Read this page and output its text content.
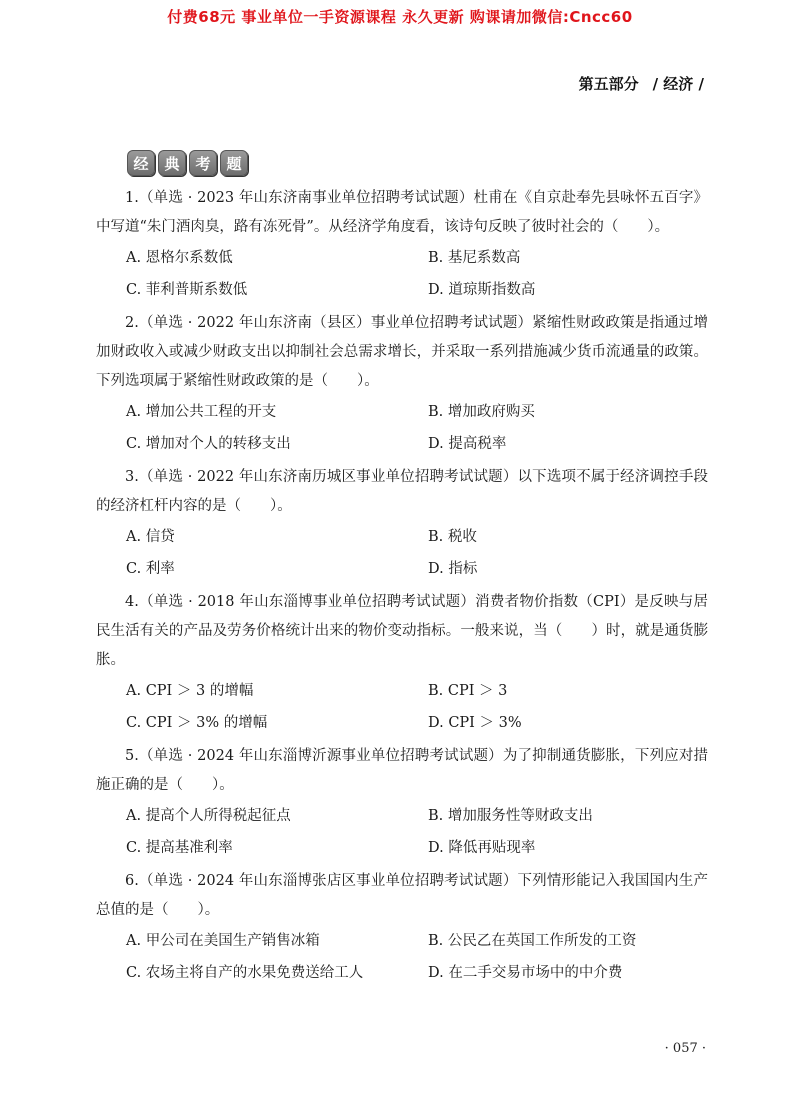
付费68元 事业单位一手资源课程 永久更新 购课请加微信:Cncc60
第五部分 / 经济 /
经	典	考	题
1.（单选 · 2023 年山东济南事业单位招聘考试试题）杜甫在《自京赴奉先县咏怀五百字》中写道“朱门酒肉臭，路有冻死骨”。从经济学角度看，该诗句反映了彼时社会的（　　）。
A. 恩格尔系数低	B. 基尼系数高
C. 菲利普斯系数低	D. 道琼斯指数高
2.（单选 · 2022 年山东济南（县区）事业单位招聘考试试题）紧缩性财政政策是指通过增加财政收入或减少财政支出以抑制社会总需求增长，并采取一系列措施减少货币流通量的政策。下列选项属于紧缩性财政政策的是（　　）。
A. 增加公共工程的开支	B. 增加政府购买
C. 增加对个人的转移支出	D. 提高税率
3.（单选 · 2022 年山东济南历城区事业单位招聘考试试题）以下选项不属于经济调控手段的经济杠杆内容的是（　　）。
A. 信贷	B. 税收
C. 利率	D. 指标
4.（单选 · 2018 年山东淄博事业单位招聘考试试题）消费者物价指数（CPI）是反映与居民生活有关的产品及劳务价格统计出来的物价变动指标。一般来说，当（　　）时，就是通货膨胀。
A. CPI ＞ 3 的增幅	B. CPI ＞ 3
C. CPI ＞ 3% 的增幅	D. CPI ＞ 3%
5.（单选 · 2024 年山东淄博沂源事业单位招聘考试试题）为了抑制通货膨胀，下列应对措施正确的是（　　）。
A. 提高个人所得税起征点	B. 增加服务性等财政支出
C. 提高基准利率	D. 降低再贴现率
6.（单选 · 2024 年山东淄博张店区事业单位招聘考试试题）下列情形能记入我国国内生产总值的是（　　）。
A. 甲公司在美国生产销售冰箱	B. 公民乙在英国工作所发的工资
C. 农场主将自产的水果免费送给工人	D. 在二手交易市场中的中介费
· 057 ·
